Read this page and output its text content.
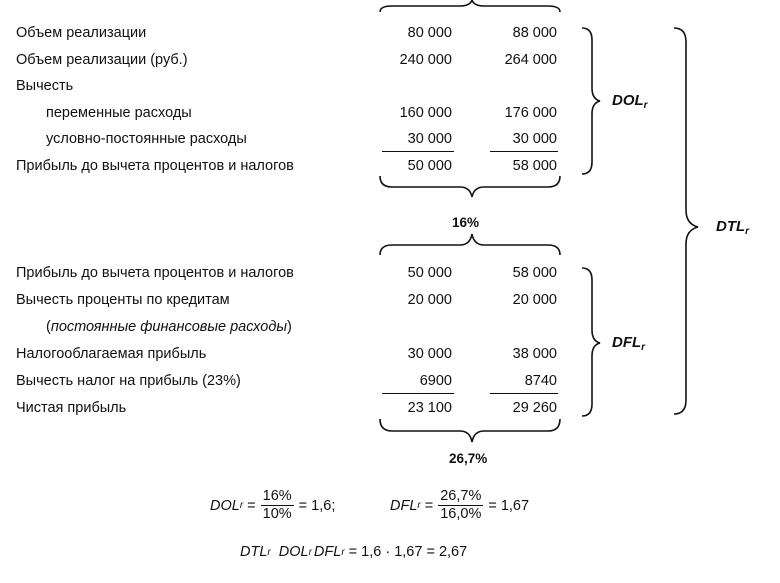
Объем реализации	80 000	88 000
Объем реализации (руб.)	240 000	264 000
Вычесть
переменные расходы	160 000	176 000
условно-постоянные расходы	30 000	30 000
Прибыль до вычета процентов и налогов	50 000	58 000
16%
Прибыль до вычета процентов и налогов	50 000	58 000
Вычесть проценты по кредитам	20 000	20 000
(постоянные финансовые расходы)
Налогооблагаемая прибыль	30 000	38 000
Вычесть налог на прибыль (23%)	6900	8740
Чистая прибыль	23 100	29 260
26,7%
$DOL_r$
$DFL_r$
$DTL_r$
DOL $r = \frac{16\%}{10\%} = 1,6$;	DFL $r = \frac{26,7\%}{16,0\%} = 1,67$
DTL r DOL r DFL r = 1,6 · 1,67 = 2,67
